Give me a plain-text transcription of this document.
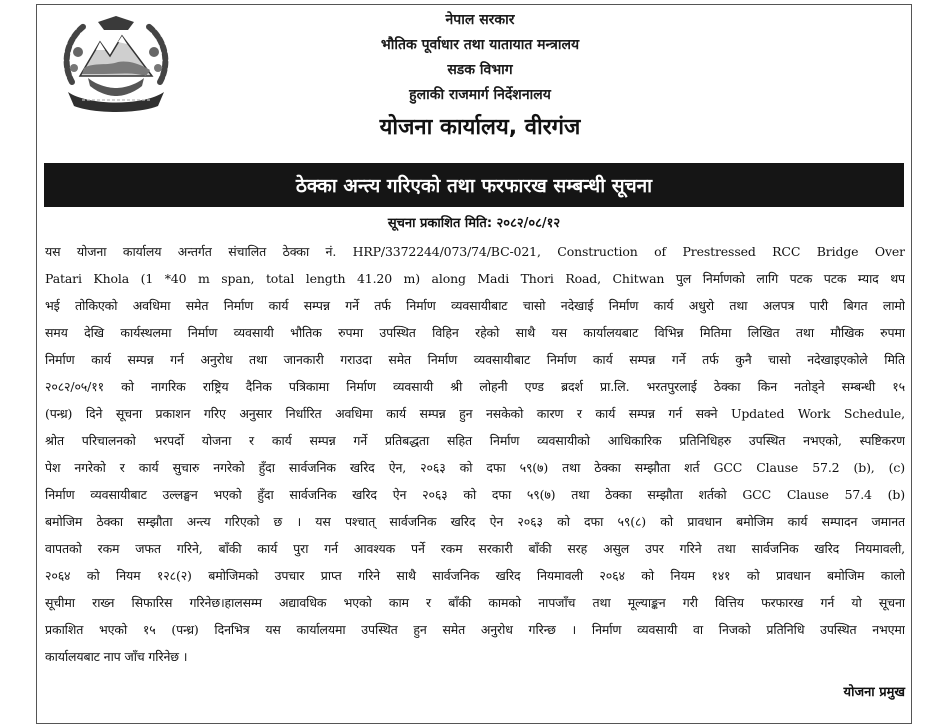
नेपाल सरकार
भौतिक पूर्वाधार तथा यातायात मन्त्रालय
सडक विभाग
हुलाकी राजमार्ग निर्देशनालय
योजना कार्यालय, वीरगंज
ठेक्का अन्त्य गरिएको तथा फरफारख सम्बन्धी सूचना
सूचना प्रकाशित मिति: २०८२/०८/१२
यस योजना कार्यालय अन्तर्गत संचालित ठेक्का नं. HRP/3372244/073/74/BC-021, Construction of Prestressed RCC Bridge Over
Patari Khola (1 *40 m span, total length 41.20 m) along Madi Thori Road, Chitwan पुल निर्माणको लागि पटक पटक म्याद थप
भई तोकिएको अवधिमा समेत निर्माण कार्य सम्पन्न गर्ने तर्फ निर्माण व्यवसायीबाट चासो नदेखाई निर्माण कार्य अधुरो तथा अलपत्र पारी बिगत लामो
समय देखि कार्यस्थलमा निर्माण व्यवसायी भौतिक रुपमा उपस्थित विहिन रहेको साथै यस कार्यालयबाट विभिन्न मितिमा लिखित तथा मौखिक रुपमा
निर्माण कार्य सम्पन्न गर्न अनुरोध तथा जानकारी गराउदा समेत निर्माण व्यवसायीबाट निर्माण कार्य सम्पन्न गर्ने तर्फ कुनै चासो नदेखाइएकोले मिति
२०८२/०५/११ को नागरिक राष्ट्रिय दैनिक पत्रिकामा निर्माण व्यवसायी श्री लोहनी एण्ड ब्रदर्श प्रा.लि. भरतपुरलाई ठेक्का किन नतोड्ने सम्बन्धी १५
(पन्ध्र) दिने सूचना प्रकाशन गरिए अनुसार निर्धारित अवधिमा कार्य सम्पन्न हुन नसकेको कारण र कार्य सम्पन्न गर्न सक्ने Updated Work Schedule,
श्रोत परिचालनको भरपर्दो योजना र कार्य सम्पन्न गर्ने प्रतिबद्धता सहित निर्माण व्यवसायीको आधिकारिक प्रतिनिधिहरु उपस्थित नभएको, स्पष्टिकरण
पेश नगरेको र कार्य सुचारु नगरेको हुँदा सार्वजनिक खरिद ऐन, २०६३ को दफा ५९(७) तथा ठेक्का सम्झौता शर्त GCC Clause 57.2 (b), (c)
निर्माण व्यवसायीबाट उल्लङ्घन भएको हुँदा सार्वजनिक खरिद ऐन २०६३ को दफा ५९(७) तथा ठेक्का सम्झौता शर्तको GCC Clause 57.4 (b)
बमोजिम ठेक्का सम्झौता अन्त्य गरिएको छ । यस पश्चात् सार्वजनिक खरिद ऐन २०६३ को दफा ५९(८) को प्रावधान बमोजिम कार्य सम्पादन जमानत
वापतको रकम जफत गरिने, बाँकी कार्य पुरा गर्न आवश्यक पर्ने रकम सरकारी बाँकी सरह असुल उपर गरिने तथा सार्वजनिक खरिद नियमावली,
२०६४ को नियम १२८(२) बमोजिमको उपचार प्राप्त गरिने साथै सार्वजनिक खरिद नियमावली २०६४ को नियम १४१ को प्रावधान बमोजिम कालो
सूचीमा राख्न सिफारिस गरिनेछ।हालसम्म अद्यावधिक भएको काम र बाँकी कामको नापजाँच तथा मूल्याङ्कन गरी वित्तिय फरफारख गर्न यो सूचना
प्रकाशित भएको १५ (पन्ध्र) दिनभित्र यस कार्यालयमा उपस्थित हुन समेत अनुरोध गरिन्छ । निर्माण व्यवसायी वा निजको प्रतिनिधि उपस्थित नभएमा
कार्यालयबाट नाप जाँच गरिनेछ ।
योजना प्रमुख
